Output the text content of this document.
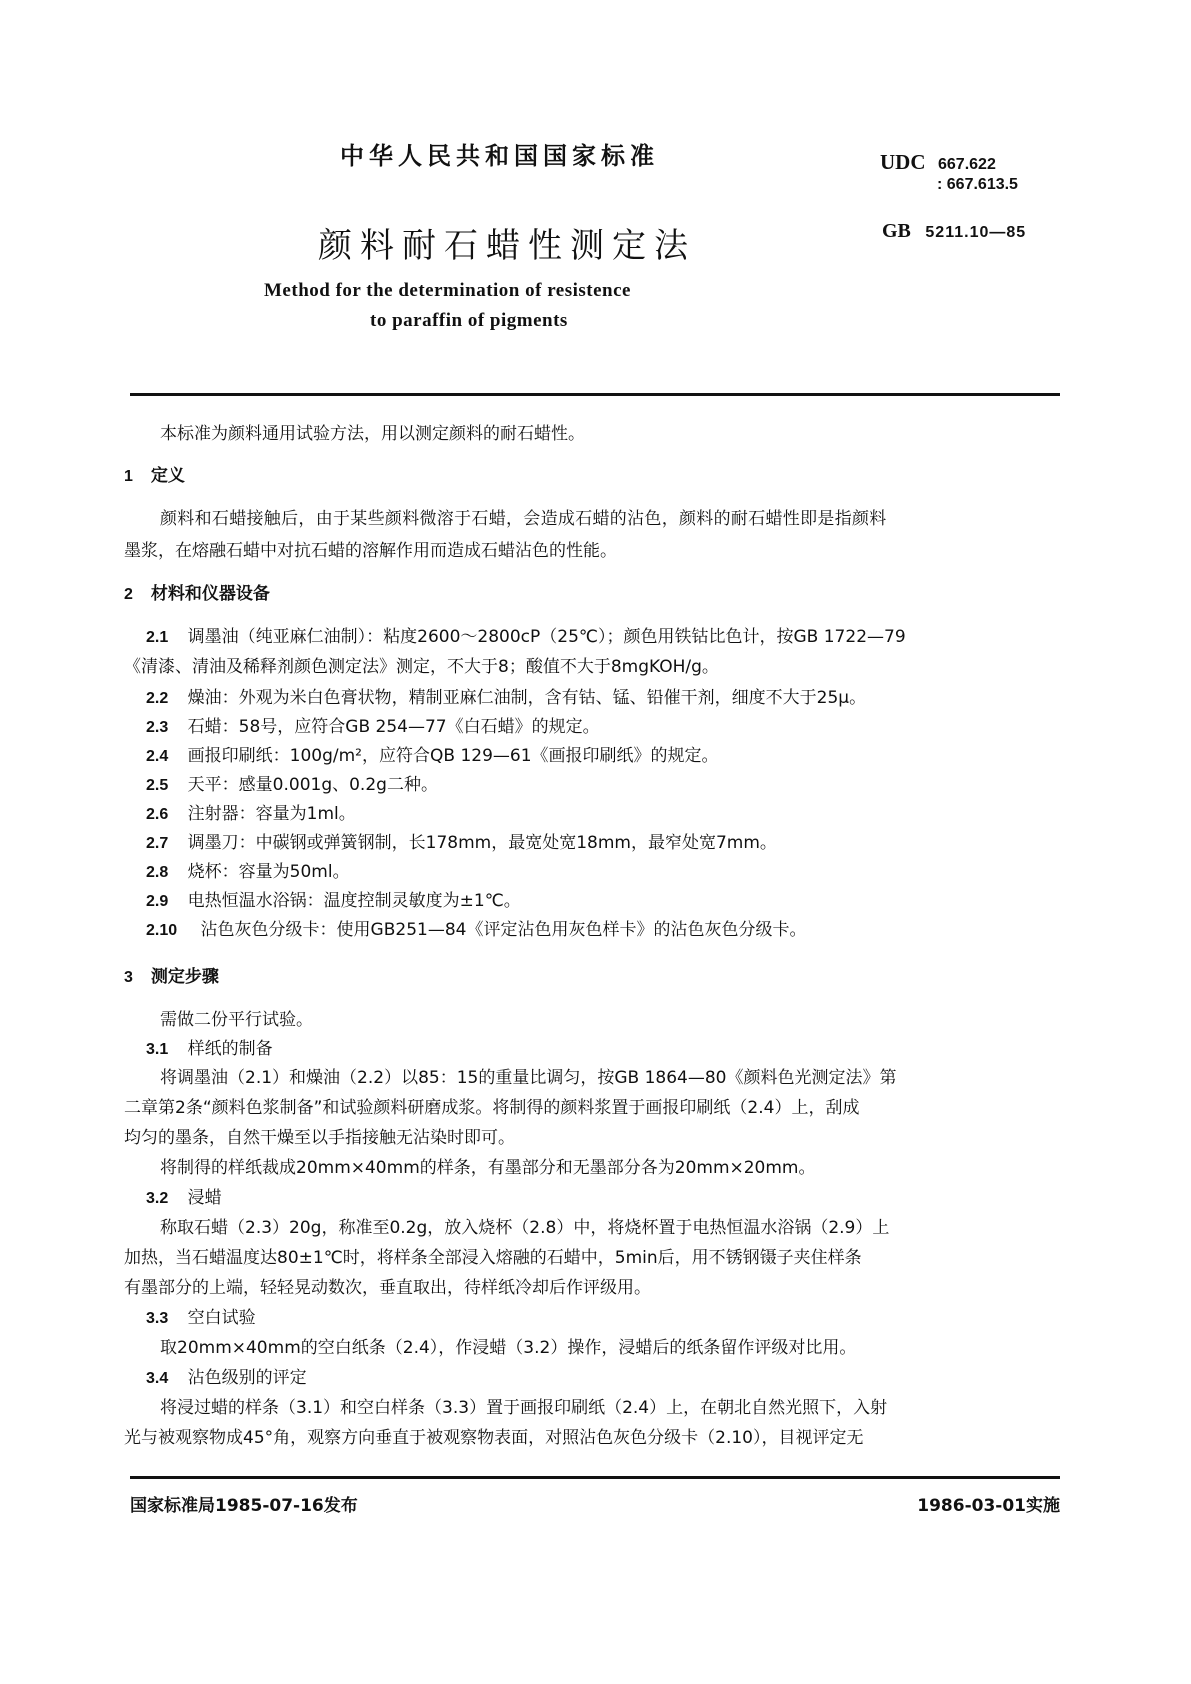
中华人民共和国国家标准	UDC 667.622
: 667.613.5
GB 5211.10—85
颜料耐石蜡性测定法
Method for the determination of resistence
to paraffin of pigments
本标准为颜料通用试验方法，用以测定颜料的耐石蜡性。
1 定义
颜料和石蜡接触后，由于某些颜料微溶于石蜡，会造成石蜡的沾色，颜料的耐石蜡性即是指颜料
墨浆，在熔融石蜡中对抗石蜡的溶解作用而造成石蜡沾色的性能。
2 材料和仪器设备
2.1 调墨油（纯亚麻仁油制）：粘度2600～2800cP（25℃）；颜色用铁钴比色计，按GB 1722—79
《清漆、清油及稀释剂颜色测定法》测定，不大于8；酸值不大于8mgKOH/g。
2.2 燥油：外观为米白色膏状物，精制亚麻仁油制，含有钴、锰、铅催干剂，细度不大于25μ。
2.3 石蜡：58号，应符合GB 254—77《白石蜡》的规定。
2.4 画报印刷纸：100g/m²，应符合QB 129—61《画报印刷纸》的规定。
2.5 天平：感量0.001g、0.2g二种。
2.6 注射器：容量为1ml。
2.7 调墨刀：中碳钢或弹簧钢制，长178mm，最宽处宽18mm，最窄处宽7mm。
2.8 烧杯：容量为50ml。
2.9 电热恒温水浴锅：温度控制灵敏度为±1℃。
2.10 沾色灰色分级卡：使用GB251—84《评定沾色用灰色样卡》的沾色灰色分级卡。
3 测定步骤
需做二份平行试验。
3.1 样纸的制备
将调墨油（2.1）和燥油（2.2）以85：15的重量比调匀，按GB 1864—80《颜料色光测定法》第
二章第2条“颜料色浆制备”和试验颜料研磨成浆。将制得的颜料浆置于画报印刷纸（2.4）上，刮成
均匀的墨条，自然干燥至以手指接触无沾染时即可。
将制得的样纸裁成20mm×40mm的样条，有墨部分和无墨部分各为20mm×20mm。
3.2 浸蜡
称取石蜡（2.3）20g，称准至0.2g，放入烧杯（2.8）中，将烧杯置于电热恒温水浴锅（2.9）上
加热，当石蜡温度达80±1℃时，将样条全部浸入熔融的石蜡中，5min后，用不锈钢镊子夹住样条
有墨部分的上端，轻轻晃动数次，垂直取出，待样纸冷却后作评级用。
3.3 空白试验
取20mm×40mm的空白纸条（2.4），作浸蜡（3.2）操作，浸蜡后的纸条留作评级对比用。
3.4 沾色级别的评定
将浸过蜡的样条（3.1）和空白样条（3.3）置于画报印刷纸（2.4）上，在朝北自然光照下，入射
光与被观察物成45°角，观察方向垂直于被观察物表面，对照沾色灰色分级卡（2.10），目视评定无
国家标准局1985-07-16发布	1986-03-01实施
